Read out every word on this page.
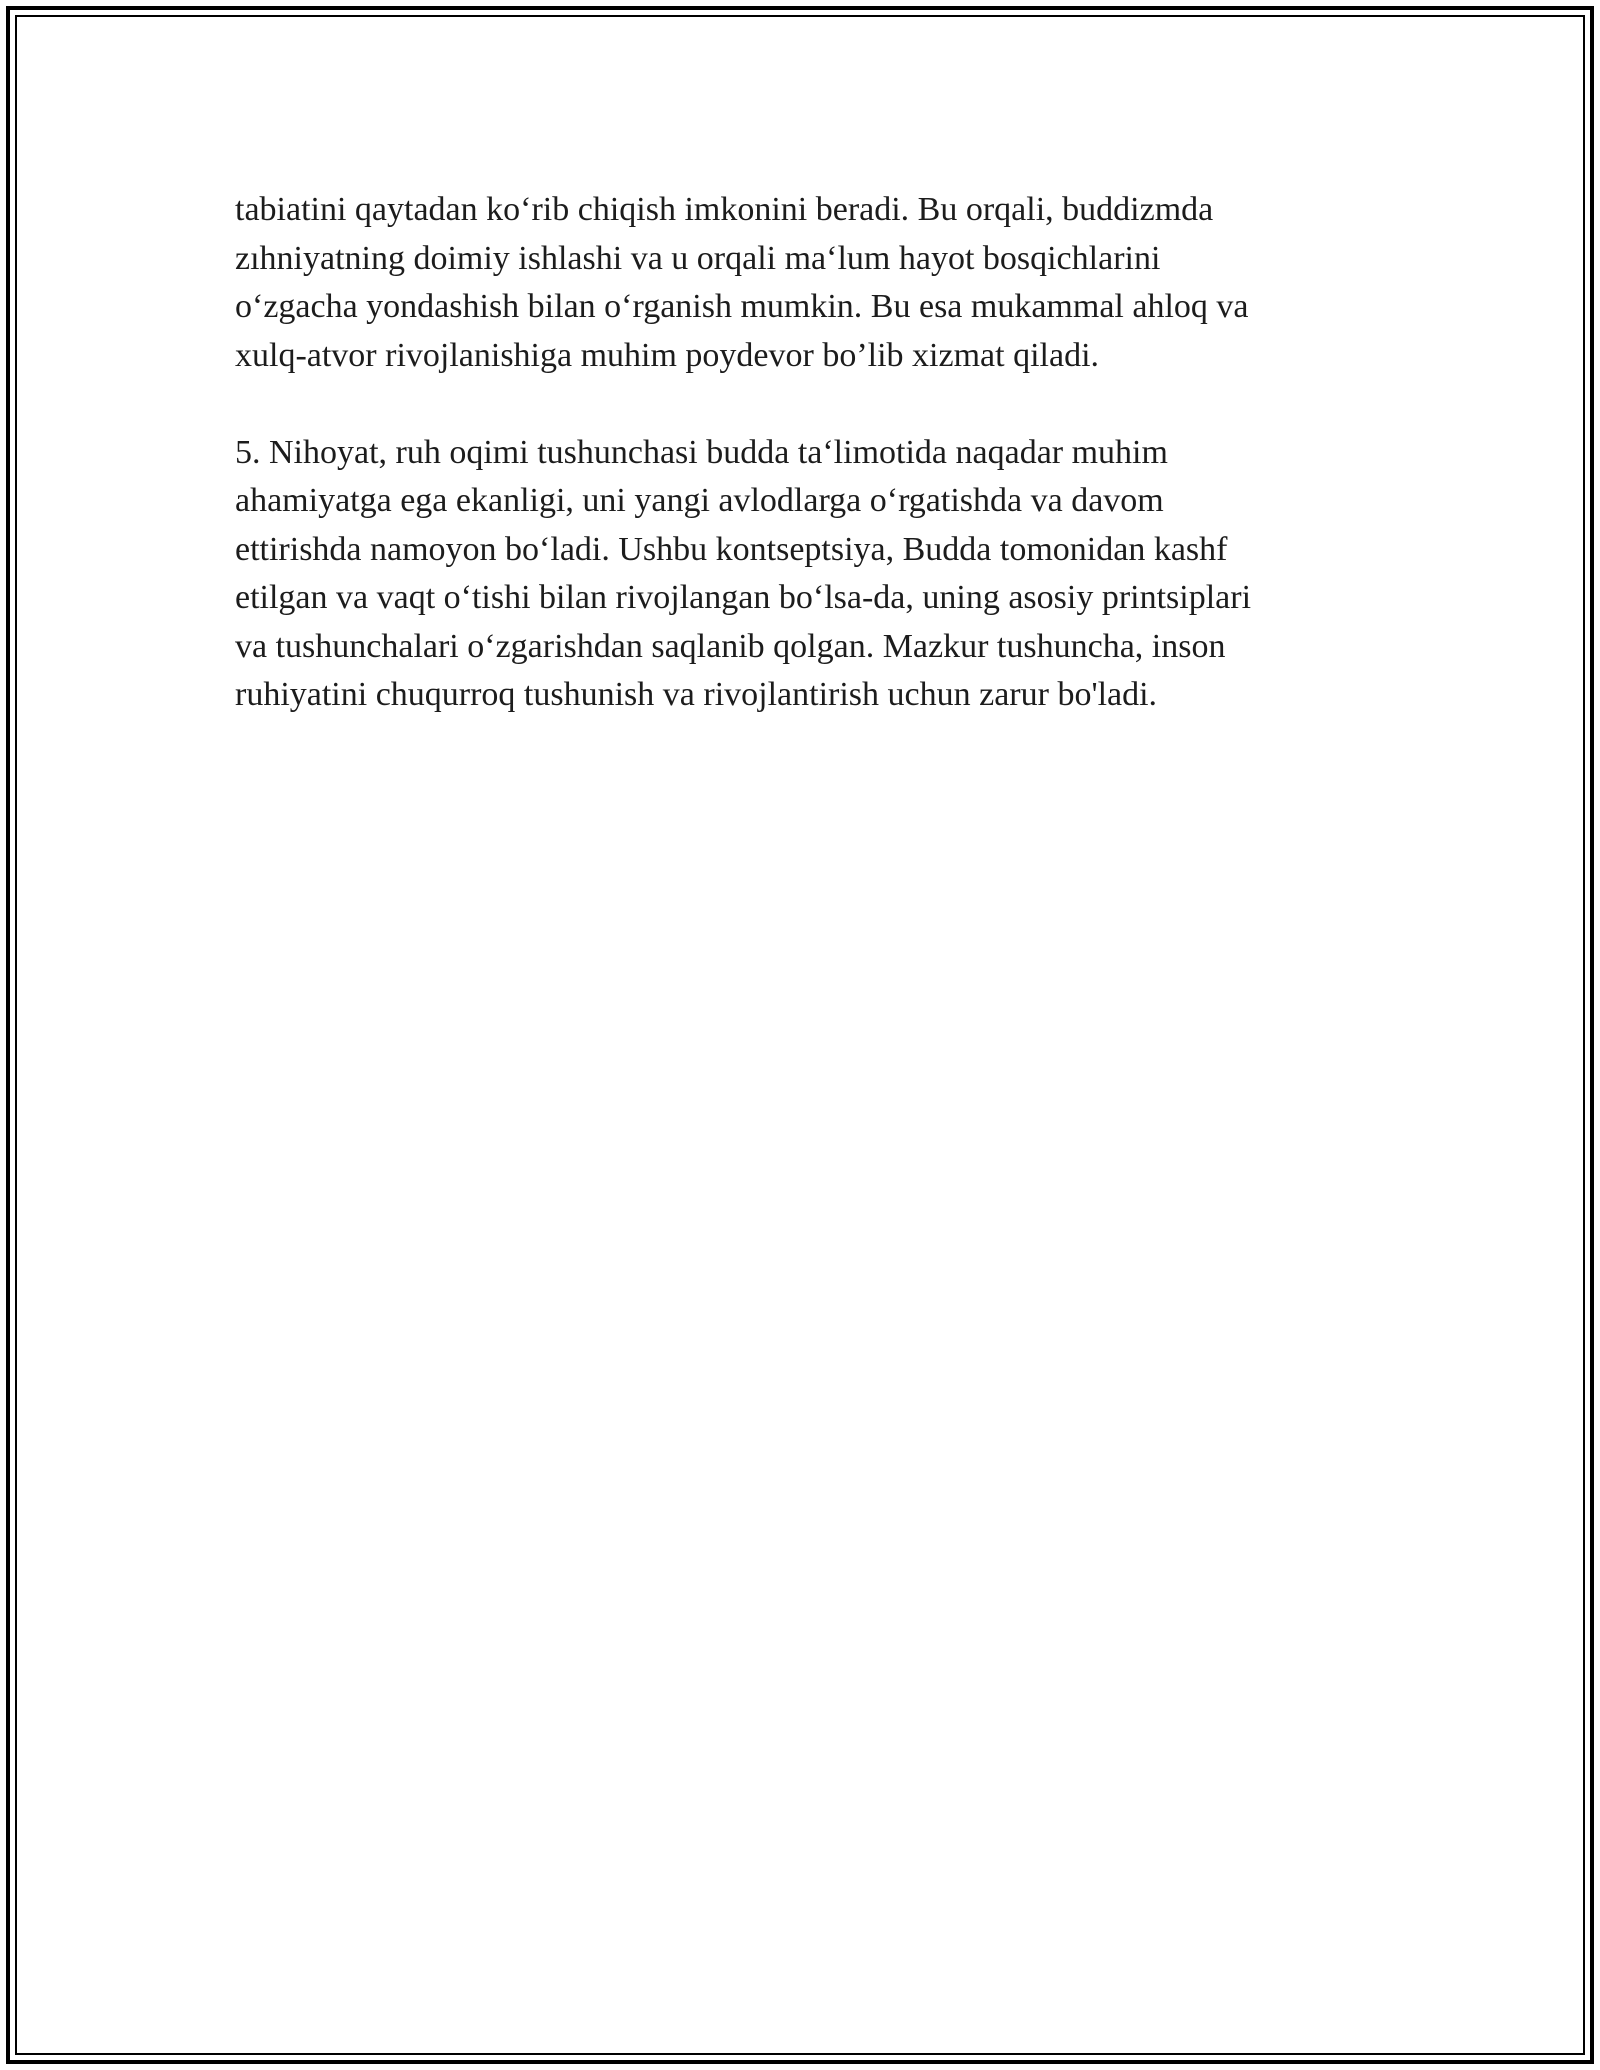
tabiatini qaytadan ko‘rib chiqish imkonini beradi. Bu orqali, buddizmda
zıhniyatning doimiy ishlashi va u orqali ma‘lum hayot bosqichlarini
o‘zgacha yondashish bilan o‘rganish mumkin. Bu esa mukammal ahloq va
xulq-atvor rivojlanishiga muhim poydevor bo’lib xizmat qiladi.

5. Nihoyat, ruh oqimi tushunchasi budda ta‘limotida naqadar muhim
ahamiyatga ega ekanligi, uni yangi avlodlarga o‘rgatishda va davom
ettirishda namoyon bo‘ladi. Ushbu kontseptsiya, Budda tomonidan kashf
etilgan va vaqt o‘tishi bilan rivojlangan bo‘lsa-da, uning asosiy printsiplari
va tushunchalari o‘zgarishdan saqlanib qolgan. Mazkur tushuncha, inson
ruhiyatini chuqurroq tushunish va rivojlantirish uchun zarur bo'ladi.
